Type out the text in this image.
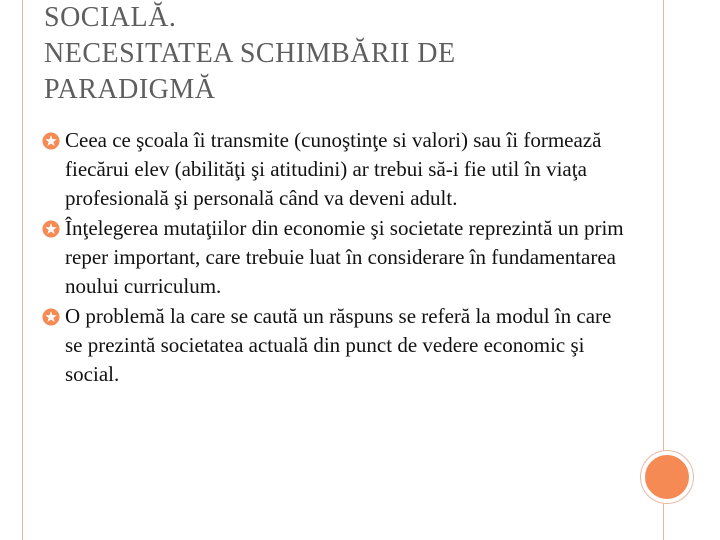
SOCIALĂ.
NECESITATEA SCHIMBĂRII DE
PARADIGMĂ
Ceea ce şcoala îi transmite (cunoştinţe si valori) sau îi formează fiecărui elev (abilităţi şi atitudini) ar trebui să-i fie util în viaţa profesională şi personală când va deveni adult.
Înţelegerea mutaţiilor din economie şi societate reprezintă un prim reper important, care trebuie luat în considerare în fundamentarea noului curriculum.
O problemă la care se caută un răspuns se referă la modul în care se prezintă societatea actuală din punct de vedere economic şi social.
